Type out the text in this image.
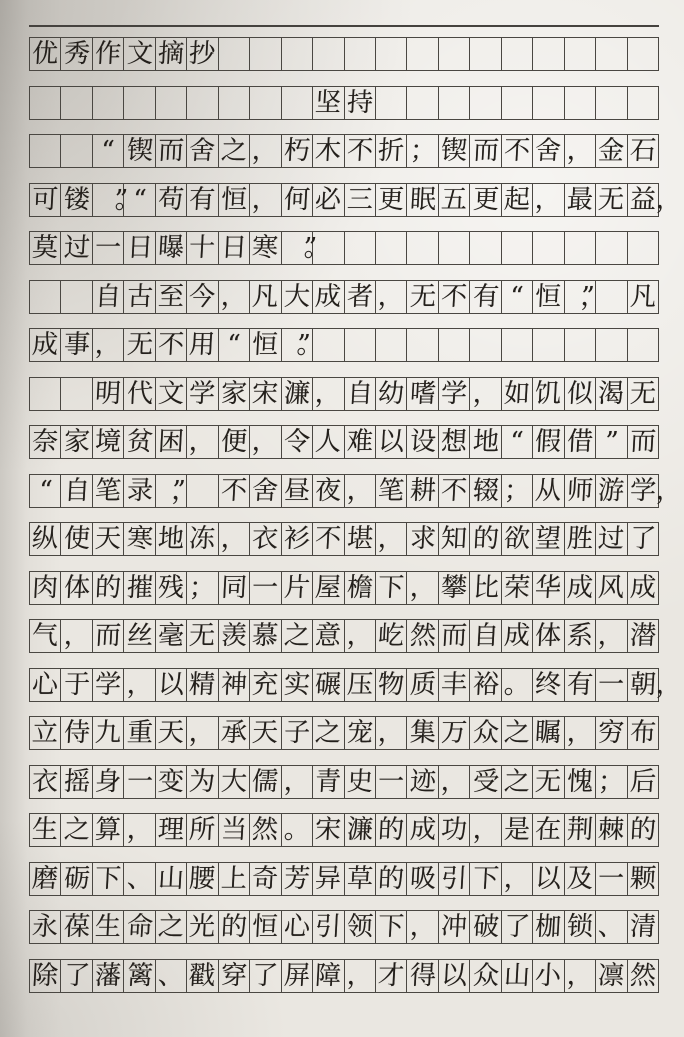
优 秀 作 文 摘 抄
坚 持
“ 锲 而 舍 之 ， 朽 木 不 折 ； 锲 而 不 舍 ， 金 石
可 镂 。” “ 苟 有 恒 ， 何 必 三 更 眠 五 更 起 ， 最 无 益，
莫 过 一 日 曝 十 日 寒 。”
自 古 至 今 ， 凡 大 成 者 ， 无 不 有 “ 恒 ”， 凡
成 事 ， 无 不 用 “ 恒 ”。
明 代 文 学 家 宋 濂 ， 自 幼 嗜 学 ， 如 饥 似 渴 无
奈 家 境 贫 困 ， 便 ， 令 人 难 以 设 想 地 “ 假 借 ” 而
“ 自 笔 录 ”， 不 舍 昼 夜 ， 笔 耕 不 辍 ； 从 师 游 学，
纵 使 天 寒 地 冻 ， 衣 衫 不 堪 ， 求 知 的 欲 望 胜 过 了
肉 体 的 摧 残 ； 同 一 片 屋 檐 下 ， 攀 比 荣 华 成 风 成
气 ， 而 丝 毫 无 羡 慕 之 意 ， 屹 然 而 自 成 体 系 ， 潜
心 于 学 ， 以 精 神 充 实 碾 压 物 质 丰 裕 。 终 有 一 朝，
立 侍 九 重 天 ， 承 天 子 之 宠 ， 集 万 众 之 瞩 ， 穷 布
衣 摇 身 一 变 为 大 儒 ， 青 史 一 迹 ， 受 之 无 愧 ； 后
生 之 算 ， 理 所 当 然 。 宋 濂 的 成 功 ， 是 在 荆 棘 的
磨 砺 下 、 山 腰 上 奇 芳 异 草 的 吸 引 下 ， 以 及 一 颗
永 葆 生 命 之 光 的 恒 心 引 领 下 ， 冲 破 了 枷 锁 、 清
除 了 藩 篱 、 戳 穿 了 屏 障 ， 才 得 以 众 山 小 ， 凛 然
